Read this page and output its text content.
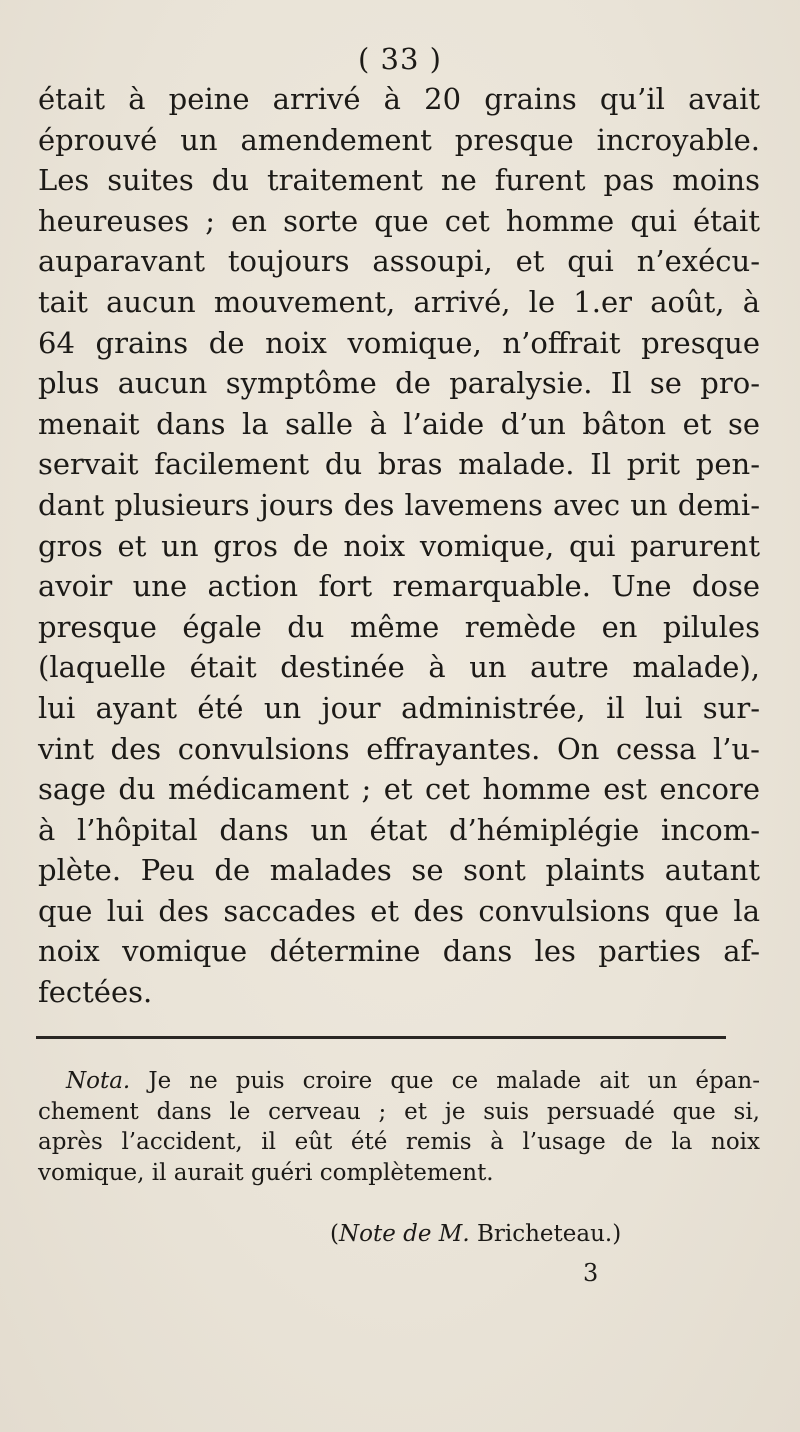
( 33 )
était à peine arrivé à 20 grains qu’il avait
éprouvé un amendement presque incroyable.
Les suites du traitement ne furent pas moins
heureuses ; en sorte que cet homme qui était
auparavant toujours assoupi, et qui n’exécu-
tait aucun mouvement, arrivé, le 1.er août, à
64 grains de noix vomique, n’offrait presque
plus aucun symptôme de paralysie. Il se pro-
menait dans la salle à l’aide d’un bâton et se
servait facilement du bras malade. Il prit pen-
dant plusieurs jours des lavemens avec un demi-
gros et un gros de noix vomique, qui parurent
avoir une action fort remarquable. Une dose
presque égale du même remède en pilules
(laquelle était destinée à un autre malade),
lui ayant été un jour administrée, il lui sur-
vint des convulsions effrayantes. On cessa l’u-
sage du médicament ; et cet homme est encore
à l’hôpital dans un état d’hémiplégie incom-
plète. Peu de malades se sont plaints autant
que lui des saccades et des convulsions que la
noix vomique détermine dans les parties af-
fectées.
Nota. Je ne puis croire que ce malade ait un épan-
chement dans le cerveau ; et je suis persuadé que si,
après l’accident, il eût été remis à l’usage de la noix
vomique, il aurait guéri complètement.
(Note de M. Bricheteau.)
3
